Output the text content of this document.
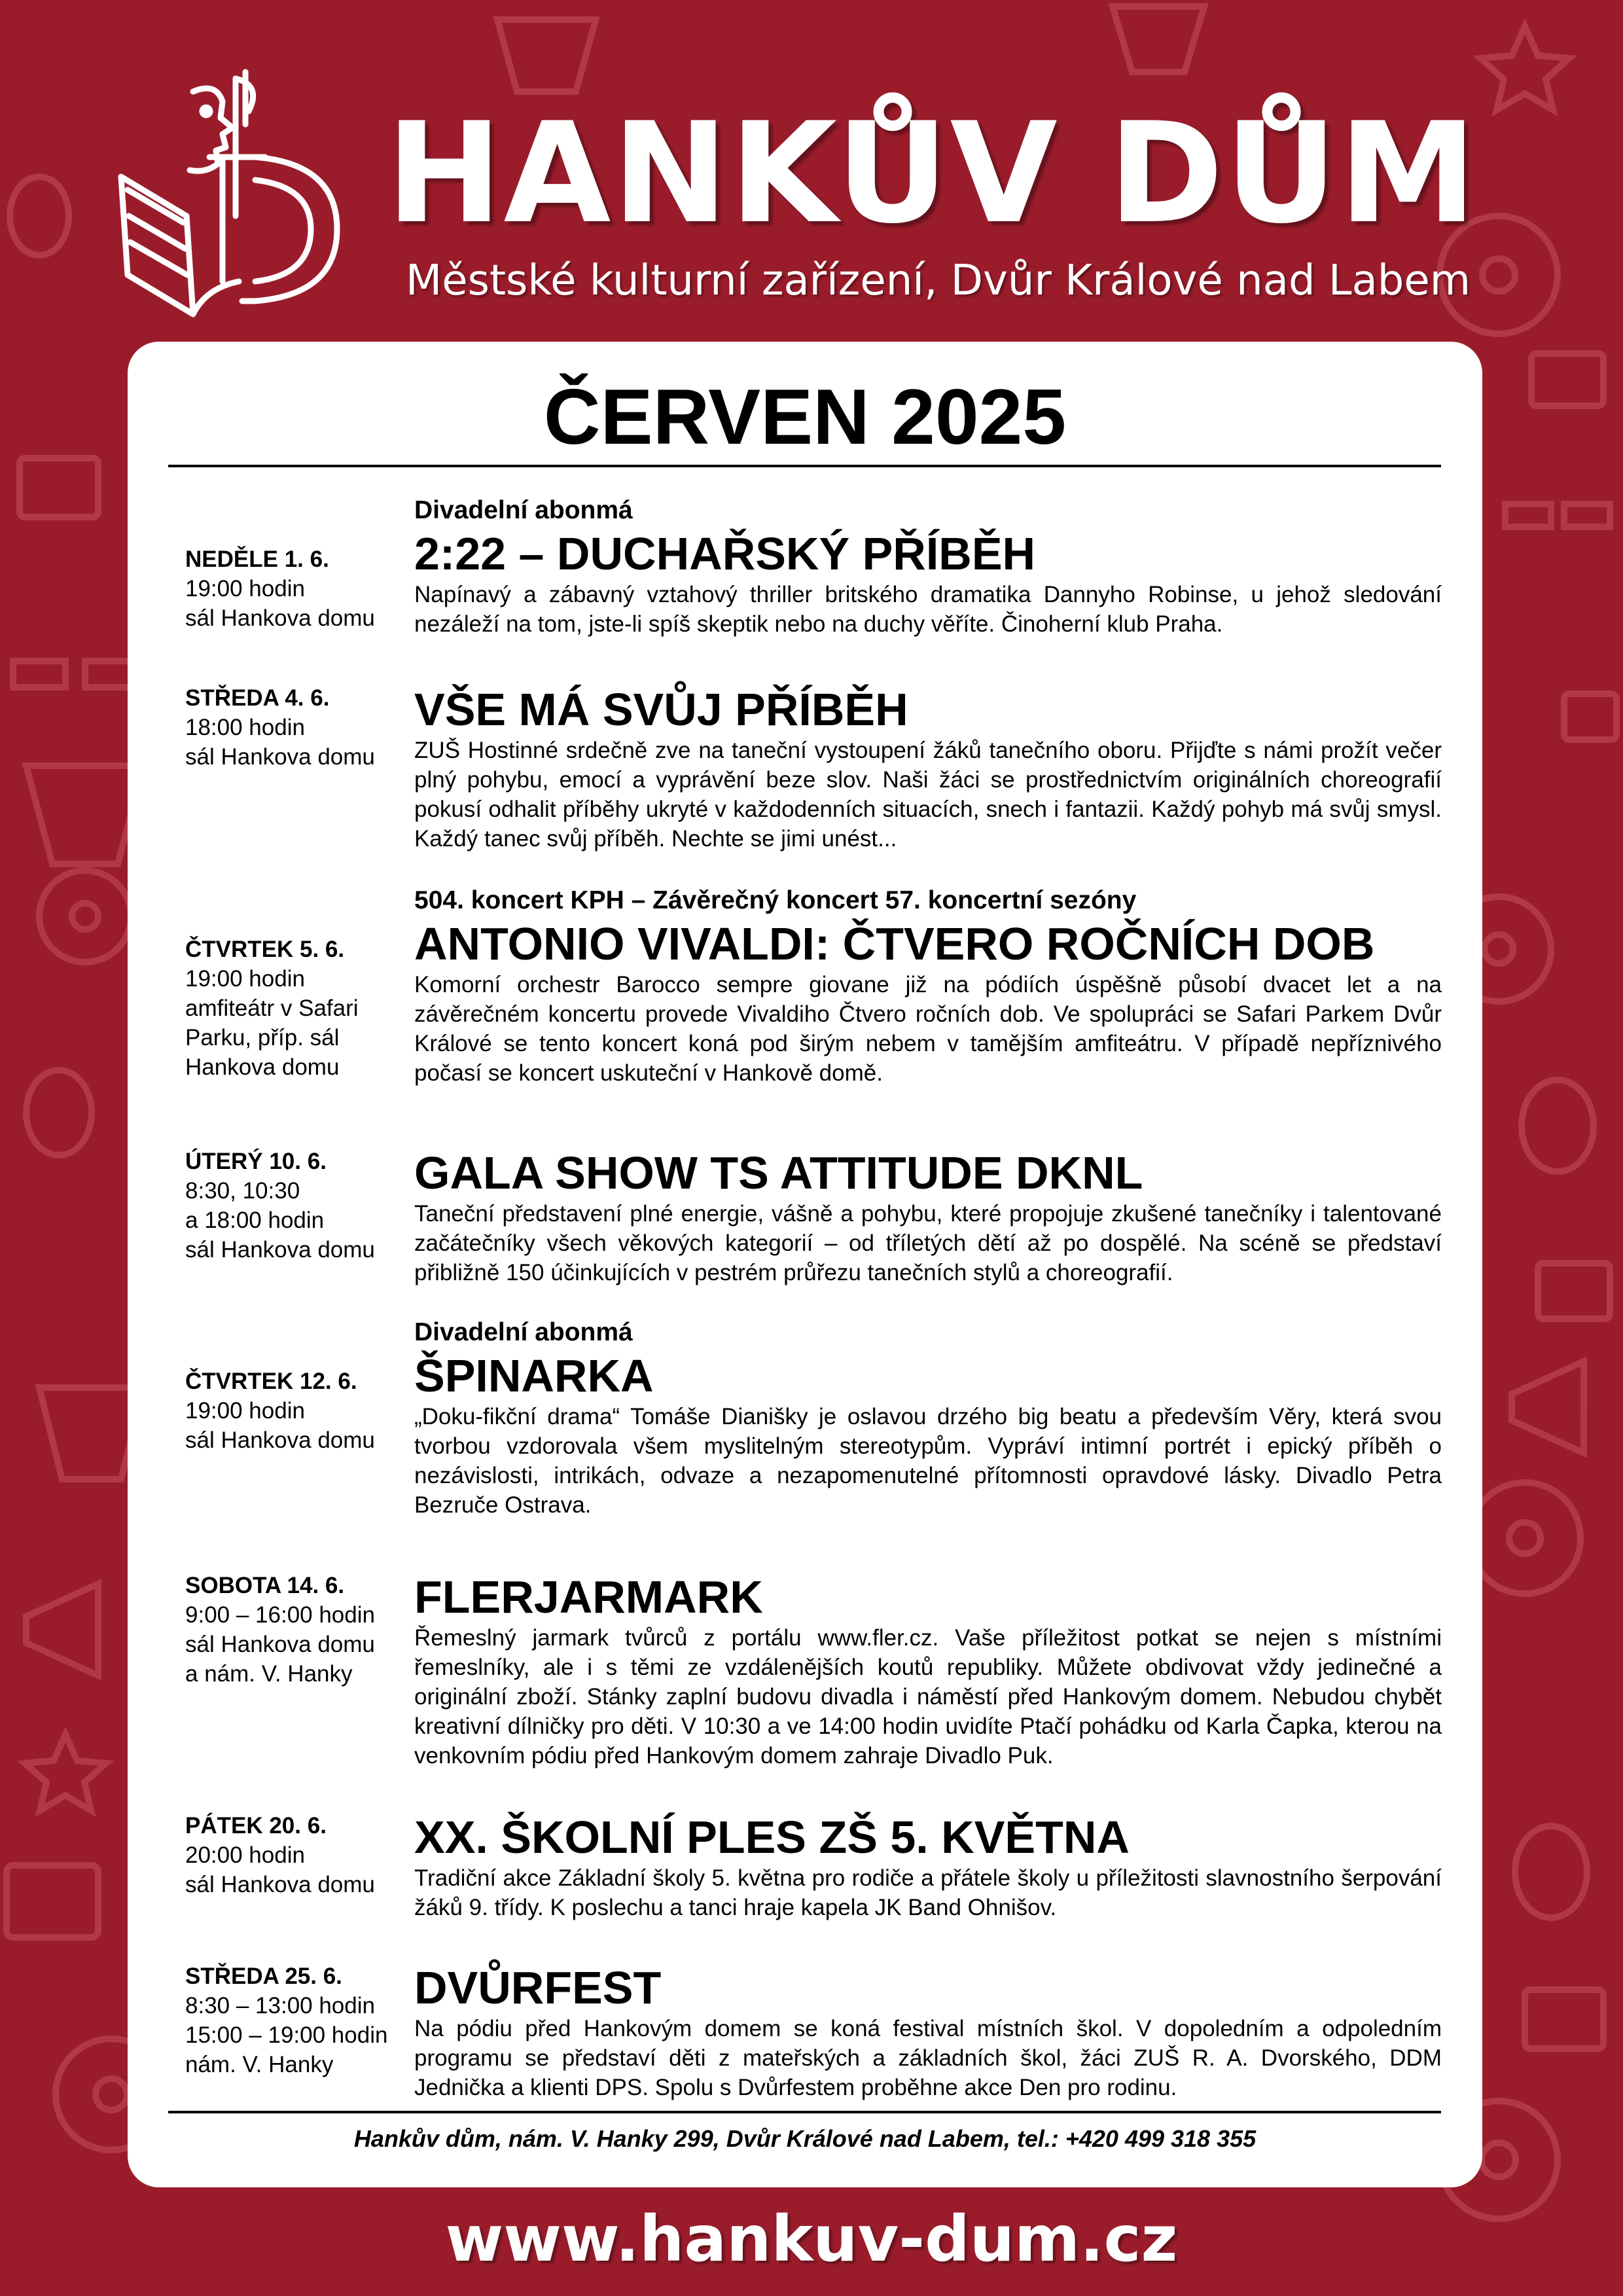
HANKŮV DŮM
Městské kulturní zařízení, Dvůr Králové nad Labem
ČERVEN 2025
NEDĚLE 1. 6.
19:00 hodin
sál Hankova domu
Divadelní abonmá
2:22 – DUCHAŘSKÝ PŘÍBĚH
Napínavý a zábavný vztahový thriller britského dramatika Dannyho Robinse, u jehož sledování nezáleží na tom, jste-li spíš skeptik nebo na duchy věříte. Činoherní klub Praha.
STŘEDA 4. 6.
18:00 hodin
sál Hankova domu
VŠE MÁ SVŮJ PŘÍBĚH
ZUŠ Hostinné srdečně zve na taneční vystoupení žáků tanečního oboru. Přijďte s námi prožít večer plný pohybu, emocí a vyprávění beze slov. Naši žáci se prostřednictvím originálních choreografií pokusí odhalit příběhy ukryté v každodenních situacích, snech i fantazii. Každý pohyb má svůj smysl. Každý tanec svůj příběh. Nechte se jimi unést...
ČTVRTEK 5. 6.
19:00 hodin
amfiteátr v Safari
Parku, příp. sál
Hankova domu
504. koncert KPH – Závěrečný koncert 57. koncertní sezóny
ANTONIO VIVALDI: ČTVERO ROČNÍCH DOB
Komorní orchestr Barocco sempre giovane již na pódiích úspěšně působí dvacet let a na závěrečném koncertu provede Vivaldiho Čtvero ročních dob. Ve spolupráci se Safari Parkem Dvůr Králové se tento koncert koná pod širým nebem v tamějším amfiteátru. V případě nepříznivého počasí se koncert uskuteční v Hankově domě.
ÚTERÝ 10. 6.
8:30, 10:30
a 18:00 hodin
sál Hankova domu
GALA SHOW TS ATTITUDE DKNL
Taneční představení plné energie, vášně a pohybu, které propojuje zkušené tanečníky i talentované začátečníky všech věkových kategorií – od tříletých dětí až po dospělé. Na scéně se představí přibližně 150 účinkujících v pestrém průřezu tanečních stylů a choreografií.
ČTVRTEK 12. 6.
19:00 hodin
sál Hankova domu
Divadelní abonmá
ŠPINARKA
„Doku-fikční drama“ Tomáše Dianišky je oslavou drzého big beatu a především Věry, která svou tvorbou vzdorovala všem myslitelným stereotypům. Vypráví intimní portrét i epický příběh o nezávislosti, intrikách, odvaze a nezapomenutelné přítomnosti opravdové lásky. Divadlo Petra Bezruče Ostrava.
SOBOTA 14. 6.
9:00 – 16:00 hodin
sál Hankova domu
a nám. V. Hanky
FLERJARMARK
Řemeslný jarmark tvůrců z portálu www.fler.cz. Vaše příležitost potkat se nejen s místními řemeslníky, ale i s těmi ze vzdálenějších koutů republiky. Můžete obdivovat vždy jedinečné a originální zboží. Stánky zaplní budovu divadla i náměstí před Hankovým domem. Nebudou chybět kreativní dílničky pro děti. V 10:30 a ve 14:00 hodin uvidíte Ptačí pohádku od Karla Čapka, kterou na venkovním pódiu před Hankovým domem zahraje Divadlo Puk.
PÁTEK 20. 6.
20:00 hodin
sál Hankova domu
XX. ŠKOLNÍ PLES ZŠ 5. KVĚTNA
Tradiční akce Základní školy 5. května pro rodiče a přátele školy u příležitosti slavnostního šerpování žáků 9. třídy. K poslechu a tanci hraje kapela JK Band Ohnišov.
STŘEDA 25. 6.
8:30 – 13:00 hodin
15:00 – 19:00 hodin
nám. V. Hanky
DVŮRFEST
Na pódiu před Hankovým domem se koná festival místních škol. V dopoledním a odpoledním programu se představí děti z mateřských a základních škol, žáci ZUŠ R. A. Dvorského, DDM Jednička a klienti DPS. Spolu s Dvůrfestem proběhne akce Den pro rodinu.
Hankův dům, nám. V. Hanky 299, Dvůr Králové nad Labem, tel.: +420 499 318 355
www.hankuv-dum.cz
